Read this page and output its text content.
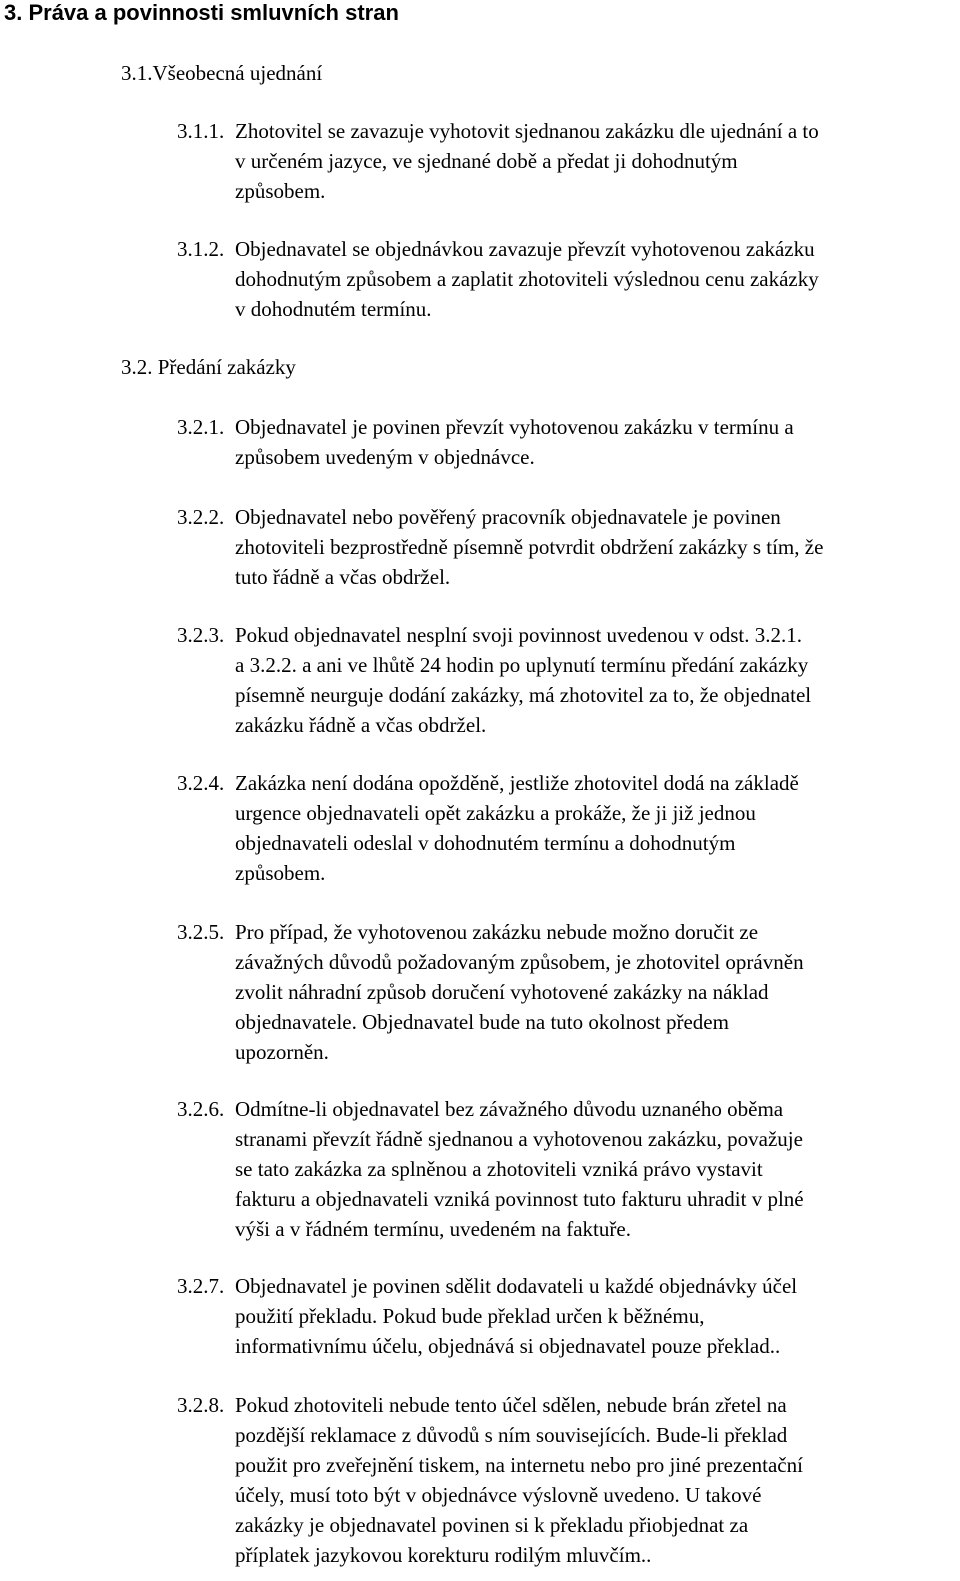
3. Práva a povinnosti smluvních stran
3.1.Všeobecná ujednání
3.1.1. Zhotovitel se zavazuje vyhotovit sjednanou zakázku dle ujednání a to
v určeném jazyce, ve sjednané době a předat ji dohodnutým
způsobem.
3.1.2. Objednavatel se objednávkou zavazuje převzít vyhotovenou zakázku
dohodnutým způsobem a zaplatit zhotoviteli výslednou cenu zakázky
v dohodnutém termínu.
3.2. Předání zakázky
3.2.1. Objednavatel je povinen převzít vyhotovenou zakázku v termínu a
způsobem uvedeným v objednávce.
3.2.2. Objednavatel nebo pověřený pracovník objednavatele je povinen
zhotoviteli bezprostředně písemně potvrdit obdržení zakázky s tím, že
tuto řádně a včas obdržel.
3.2.3. Pokud objednavatel nesplní svoji povinnost uvedenou v odst. 3.2.1.
a 3.2.2. a ani ve lhůtě 24 hodin po uplynutí termínu předání zakázky
písemně neurguje dodání zakázky, má zhotovitel za to, že objednatel
zakázku řádně a včas obdržel.
3.2.4. Zakázka není dodána opožděně, jestliže zhotovitel dodá na základě
urgence objednavateli opět zakázku a prokáže, že ji již jednou
objednavateli odeslal v dohodnutém termínu a dohodnutým
způsobem.
3.2.5. Pro případ, že vyhotovenou zakázku nebude možno doručit ze
závažných důvodů požadovaným způsobem, je zhotovitel oprávněn
zvolit náhradní způsob doručení vyhotovené zakázky na náklad
objednavatele. Objednavatel bude na tuto okolnost předem
upozorněn.
3.2.6. Odmítne-li objednavatel bez závažného důvodu uznaného oběma
stranami převzít řádně sjednanou a vyhotovenou zakázku, považuje
se tato zakázka za splněnou a zhotoviteli vzniká právo vystavit
fakturu a objednavateli vzniká povinnost tuto fakturu uhradit v plné
výši a v řádném termínu, uvedeném na faktuře.
3.2.7. Objednavatel je povinen sdělit dodavateli u každé objednávky účel
použití překladu. Pokud bude překlad určen k běžnému,
informativnímu účelu, objednává si objednavatel pouze překlad..
3.2.8. Pokud zhotoviteli nebude tento účel sdělen, nebude brán zřetel na
pozdější reklamace z důvodů s ním souvisejících. Bude-li překlad
použit pro zveřejnění tiskem, na internetu nebo pro jiné prezentační
účely, musí toto být v objednávce výslovně uvedeno. U takové
zakázky je objednavatel povinen si k překladu přiobjednat za
příplatek jazykovou korekturu rodilým mluvčím..
